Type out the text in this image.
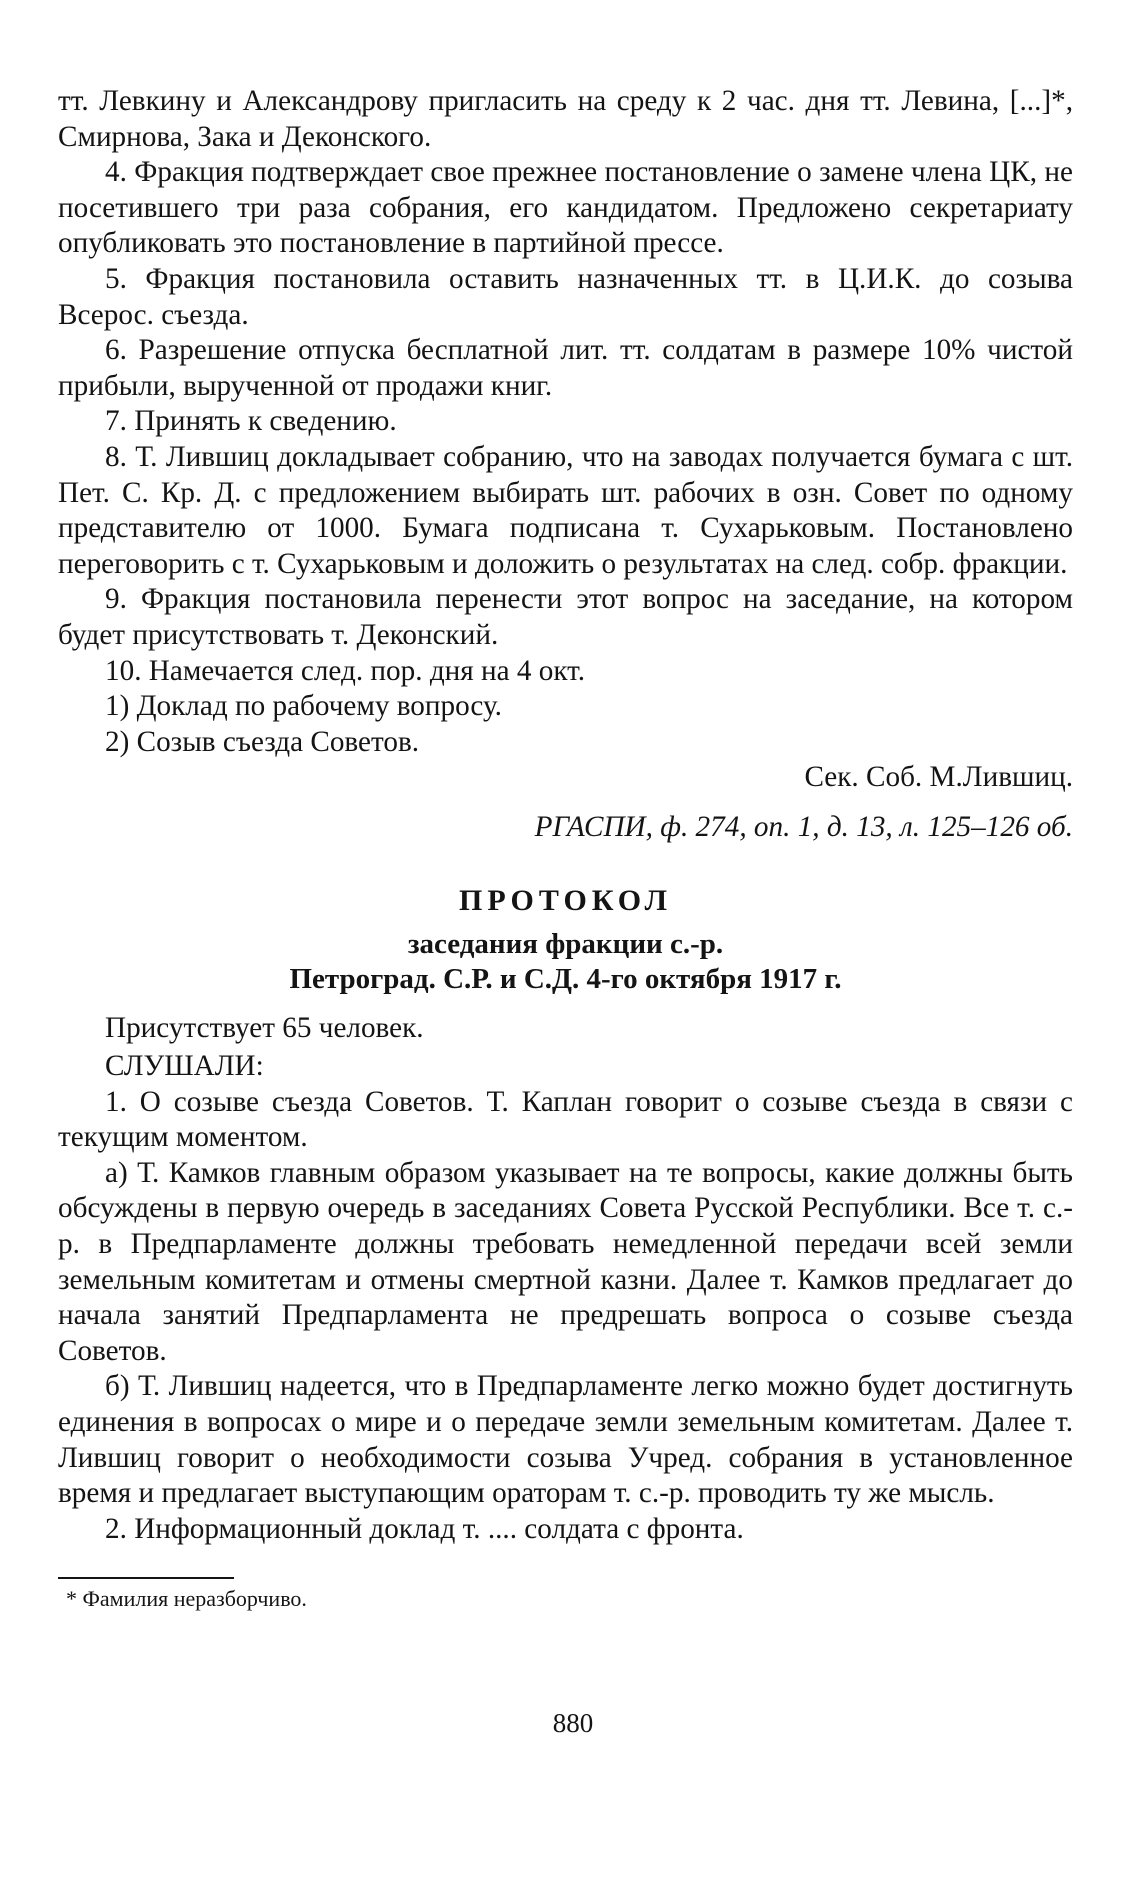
тт. Левкину и Александрову пригласить на среду к 2 час. дня тт. Левина, [...]*, Смирнова, Зака и Деконского.

4. Фракция подтверждает свое прежнее постановление о замене члена ЦК, не посетившего три раза собрания, его кандидатом. Предложено секретариату опубликовать это постановление в партийной прессе.

5. Фракция постановила оставить назначенных тт. в Ц.И.К. до созыва Всерос. съезда.

6. Разрешение отпуска бесплатной лит. тт. солдатам в размере 10% чистой прибыли, вырученной от продажи книг.

7. Принять к сведению.

8. Т. Лившиц докладывает собранию, что на заводах получается бумага с шт. Пет. С. Кр. Д. с предложением выбирать шт. рабочих в озн. Совет по одному представителю от 1000. Бумага подписана т. Сухарьковым. Постановлено переговорить с т. Сухарьковым и доложить о результатах на след. собр. фракции.

9. Фракция постановила перенести этот вопрос на заседание, на котором будет присутствовать т. Деконский.

10. Намечается след. пор. дня на 4 окт.

1) Доклад по рабочему вопросу.

2) Созыв съезда Советов.

Сек. Соб. М.Лившиц.

РГАСПИ, ф. 274, оп. 1, д. 13, л. 125–126 об.

ПРОТОКОЛ

заседания фракции с.-р.

Петроград. С.Р. и С.Д. 4-го октября 1917 г.

Присутствует 65 человек.

СЛУШАЛИ:

1. О созыве съезда Советов. Т. Каплан говорит о созыве съезда в связи с текущим моментом.

а) Т. Камков главным образом указывает на те вопросы, какие должны быть обсуждены в первую очередь в заседаниях Совета Русской Республики. Все т. с.-р. в Предпарламенте должны требовать немедленной передачи всей земли земельным комитетам и отмены смертной казни. Далее т. Камков предлагает до начала занятий Предпарламента не предрешать вопроса о созыве съезда Советов.

б) Т. Лившиц надеется, что в Предпарламенте легко можно будет достигнуть единения в вопросах о мире и о передаче земли земельным комитетам. Далее т. Лившиц говорит о необходимости созыва Учред. собрания в установленное время и предлагает выступающим ораторам т. с.-р. проводить ту же мысль.

2. Информационный доклад т. .... солдата с фронта.

* Фамилия неразборчиво.

880
